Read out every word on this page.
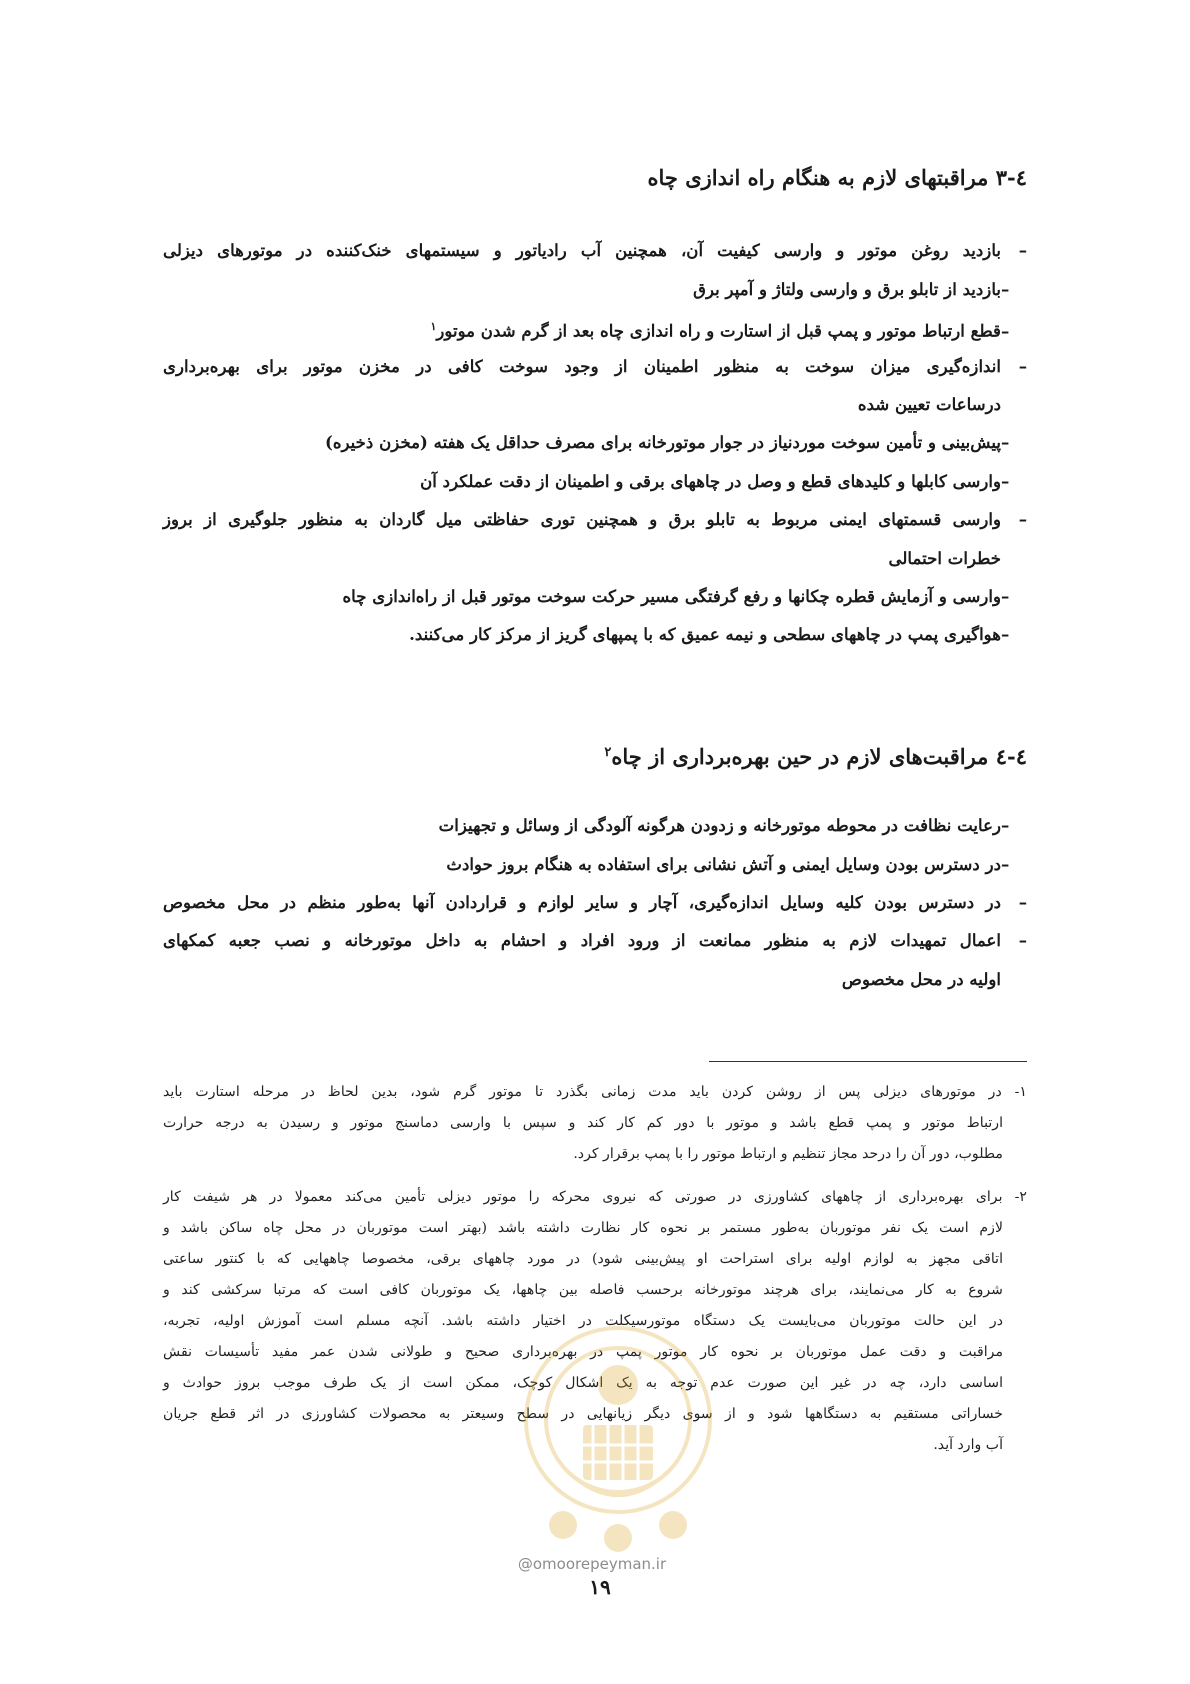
٤-٣ مراقبتهای لازم به هنگام راه اندازی چاه
–بازدید روغن موتور و وارسی کیفیت آن، همچنین آب رادیاتور و سیستمهای خنک‌کننده در موتورهای دیزلی
–بازدید از تابلو برق و وارسی ولتاژ و آمپر برق
–قطع ارتباط موتور و پمپ قبل از استارت و راه اندازی چاه بعد از گرم شدن موتور$^١$
–اندازه‌گیری میزان سوخت به منظور اطمینان از وجود سوخت کافی در مخزن موتور برای بهره‌برداری
درساعات تعیین شده
–پیش‌بینی و تأمین سوخت موردنیاز در جوار موتورخانه برای مصرف حداقل یک هفته (مخزن ذخیره)
–وارسی کابلها و کلیدهای قطع و وصل در چاههای برقی و اطمینان از دقت عملکرد آن
–وارسی قسمتهای ایمنی مربوط به تابلو برق و همچنین توری حفاظتی میل گاردان به منظور جلوگیری از بروز
خطرات احتمالی
–وارسی و آزمایش قطره چکانها و رفع گرفتگی مسیر حرکت سوخت موتور قبل از راه‌اندازی چاه
–هواگیری پمپ در چاههای سطحی و نیمه عمیق که با پمپهای گریز از مرکز کار می‌کنند.
٤-٤ مراقبت‌های لازم در حین بهره‌برداری از چاه$^٢$
–رعایت نظافت در محوطه موتورخانه و زدودن هرگونه آلودگی از وسائل و تجهیزات
–در دسترس بودن وسایل ایمنی و آتش نشانی برای استفاده به هنگام بروز حوادث
–در دسترس بودن کلیه وسایل اندازه‌گیری، آچار و سایر لوازم و قراردادن آنها به‌طور منظم در محل مخصوص
–اعمال تمهیدات لازم به منظور ممانعت از ورود افراد و احشام به داخل موتورخانه و نصب جعبه کمکهای
اولیه در محل مخصوص
١- در موتورهای دیزلی پس از روشن کردن باید مدت زمانی بگذرد تا موتور گرم شود، بدین لحاظ در مرحله استارت باید
ارتباط موتور و پمپ قطع باشد و موتور با دور کم کار کند و سپس با وارسی دماسنج موتور و رسیدن به درجه حرارت
مطلوب، دور آن را درحد مجاز تنظیم و ارتباط موتور را با پمپ برقرار کرد.
٢- برای بهره‌برداری از چاههای کشاورزی در صورتی که نیروی محرکه را موتور دیزلی تأمین می‌کند معمولا در هر شیفت کار
لازم است یک نفر موتوربان به‌طور مستمر بر نحوه کار نظارت داشته باشد (بهتر است موتوربان در محل چاه ساکن باشد و
اتاقی مجهز به لوازم اولیه برای استراحت او پیش‌بینی شود) در مورد چاههای برقی، مخصوصا چاههایی که با کنتور ساعتی
شروع به کار می‌نمایند، برای هرچند موتورخانه برحسب فاصله بین چاهها، یک موتوربان کافی است که مرتبا سرکشی کند و
در این حالت موتوربان می‌بایست یک دستگاه موتورسیکلت در اختیار داشته باشد. آنچه مسلم است آموزش اولیه، تجربه،
مراقبت و دقت عمل موتوربان بر نحوه کار موتور پمپ در بهره‌برداری صحیح و طولانی شدن عمر مفید تأسیسات نقش
اساسی دارد، چه در غیر این صورت عدم توجه به یک اشکال کوچک، ممکن است از یک طرف موجب بروز حوادث و
خساراتی مستقیم به دستگاهها شود و از سوی دیگر زیانهایی در سطح وسیعتر به محصولات کشاورزی در اثر قطع جریان
آب وارد آید.
@omoorepeyman.ir
١٩
